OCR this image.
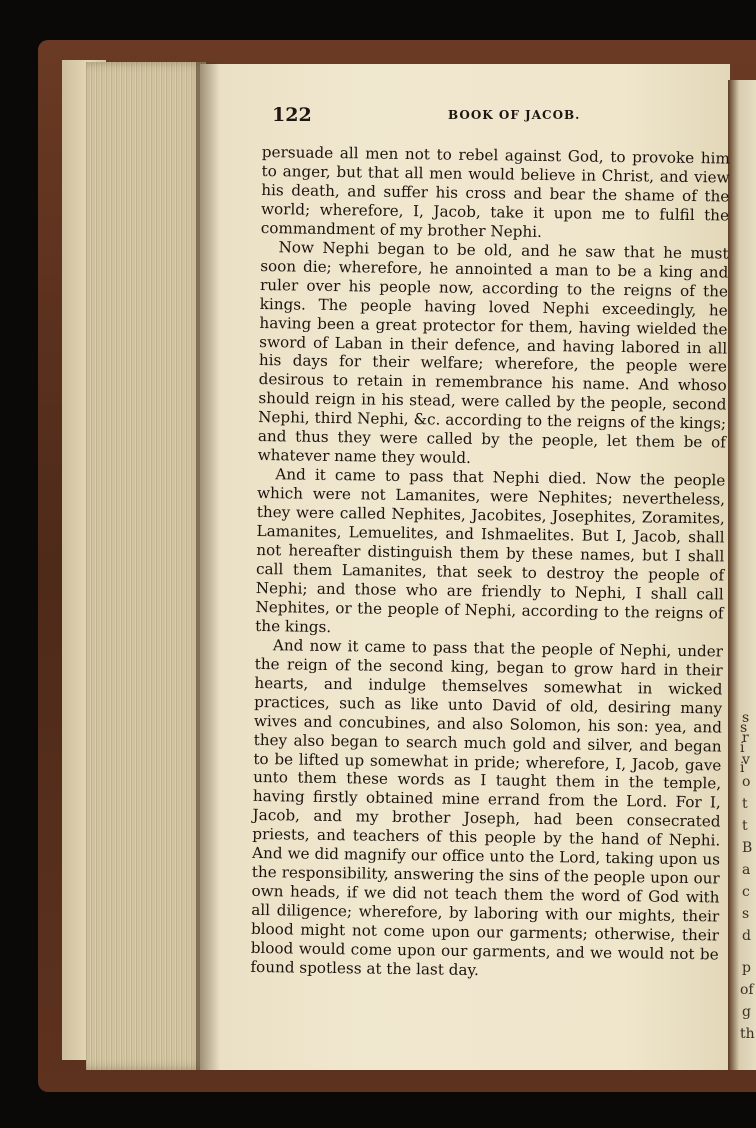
s
i
i
s
r
v
o
t
t
B
a
c
s
d
p
of
g
th
122	BOOK OF JACOB.

persuade all men not to rebel against God, to provoke him to anger, but that all men would believe in Christ, and view his death, and suffer his cross and bear the shame of the world; wherefore, I, Jacob, take it upon me to fulfil the commandment of my brother Nephi.

Now Nephi began to be old, and he saw that he must soon die; wherefore, he annointed a man to be a king and ruler over his people now, according to the reigns of the kings. The people having loved Nephi exceedingly, he having been a great protector for them, having wielded the sword of Laban in their defence, and having labored in all his days for their welfare; wherefore, the people were desirous to retain in remembrance his name. And whoso should reign in his stead, were called by the people, second Nephi, third Nephi, &c. according to the reigns of the kings; and thus they were called by the people, let them be of whatever name they would.

And it came to pass that Nephi died. Now the people which were not Lamanites, were Nephites; nevertheless, they were called Nephites, Jacobites, Josephites, Zoramites, Lamanites, Lemuelites, and Ishmaelites. But I, Jacob, shall not hereafter distinguish them by these names, but I shall call them Lamanites, that seek to destroy the people of Nephi; and those who are friendly to Nephi, I shall call Nephites, or the people of Nephi, according to the reigns of the kings.

And now it came to pass that the people of Nephi, under the reign of the second king, began to grow hard in their hearts, and indulge themselves somewhat in wicked practices, such as like unto David of old, desiring many wives and concubines, and also Solomon, his son: yea, and they also began to search much gold and silver, and began to be lifted up somewhat in pride; wherefore, I, Jacob, gave unto them these words as I taught them in the temple, having firstly obtained mine errand from the Lord. For I, Jacob, and my brother Joseph, had been consecrated priests, and teachers of this people by the hand of Nephi. And we did magnify our office unto the Lord, taking upon us the responsibility, answering the sins of the people upon our own heads, if we did not teach them the word of God with all diligence; wherefore, by laboring with our mights, their blood might not come upon our garments; otherwise, their blood would come upon our garments, and we would not be found spotless at the last day.
